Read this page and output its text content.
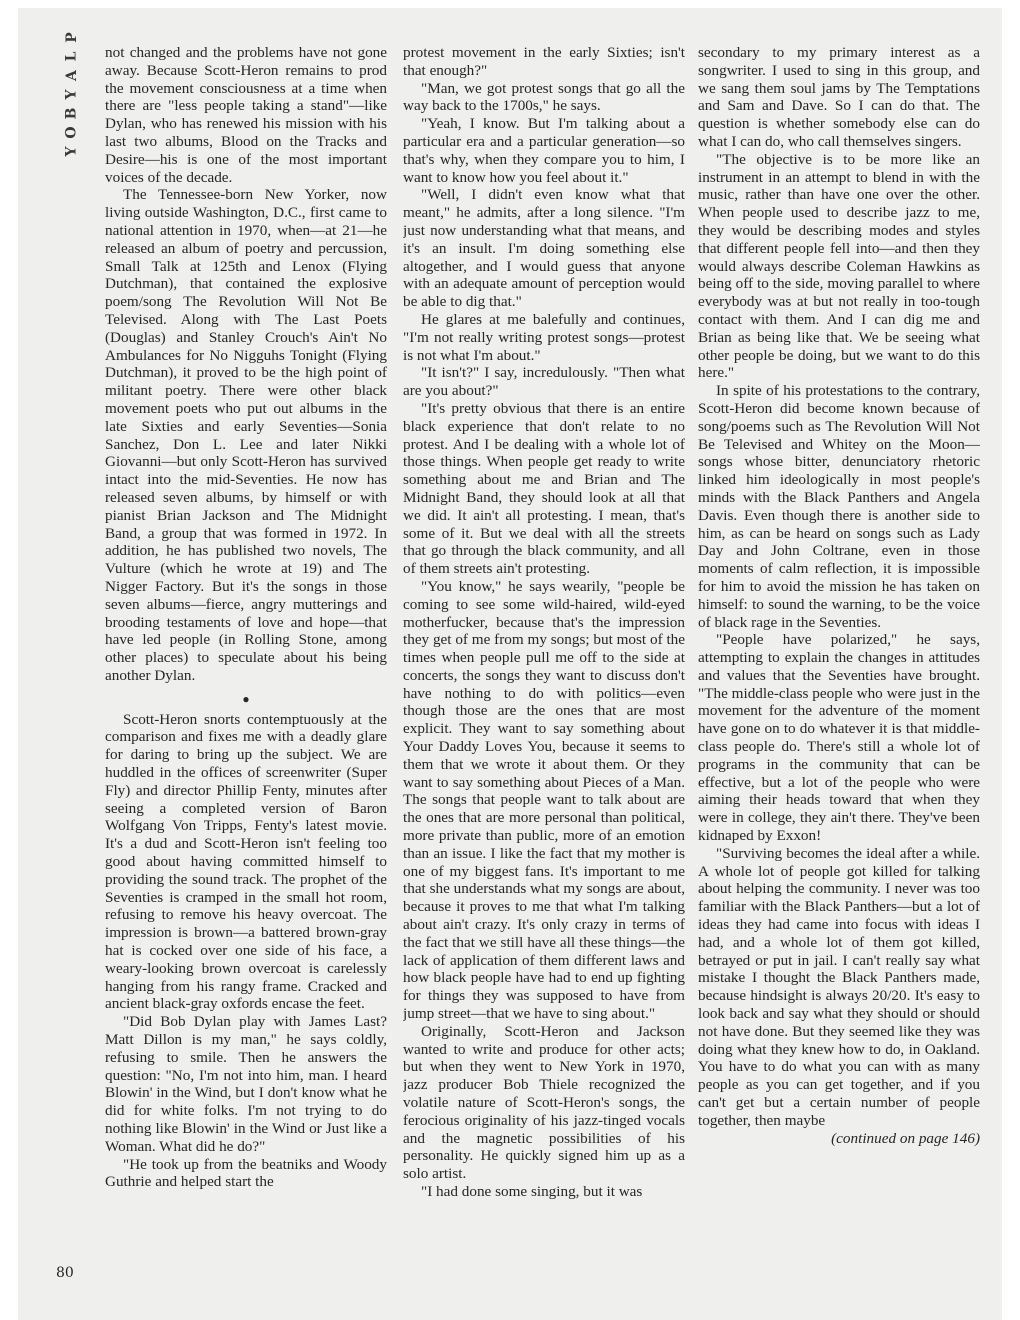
P
L
A
Y
B
O
Y
80

not changed and the problems have not gone away. Because Scott-Heron remains to prod the movement consciousness at a time when there are "less people taking a stand"—like Dylan, who has renewed his mission with his last two albums, Blood on the Tracks and Desire—his is one of the most important voices of the decade.

The Tennessee-born New Yorker, now living outside Washington, D.C., first came to national attention in 1970, when—at 21—he released an album of poetry and percussion, Small Talk at 125th and Lenox (Flying Dutchman), that contained the explosive poem/song The Revolution Will Not Be Televised. Along with The Last Poets (Douglas) and Stanley Crouch's Ain't No Ambulances for No Nigguhs Tonight (Flying Dutchman), it proved to be the high point of militant poetry. There were other black movement poets who put out albums in the late Sixties and early Seventies—Sonia Sanchez, Don L. Lee and later Nikki Giovanni—but only Scott-Heron has survived intact into the mid-Seventies. He now has released seven albums, by himself or with pianist Brian Jackson and The Midnight Band, a group that was formed in 1972. In addition, he has published two novels, The Vulture (which he wrote at 19) and The Nigger Factory. But it's the songs in those seven albums—fierce, angry mutterings and brooding testaments of love and hope—that have led people (in Rolling Stone, among other places) to speculate about his being another Dylan.

●

Scott-Heron snorts contemptuously at the comparison and fixes me with a deadly glare for daring to bring up the subject. We are huddled in the offices of screenwriter (Super Fly) and director Phillip Fenty, minutes after seeing a completed version of Baron Wolfgang Von Tripps, Fenty's latest movie. It's a dud and Scott-Heron isn't feeling too good about having committed himself to providing the sound track. The prophet of the Seventies is cramped in the small hot room, refusing to remove his heavy overcoat. The impression is brown—a battered brown-gray hat is cocked over one side of his face, a weary-looking brown overcoat is carelessly hanging from his rangy frame. Cracked and ancient black-gray oxfords encase the feet.

"Did Bob Dylan play with James Last? Matt Dillon is my man," he says coldly, refusing to smile. Then he answers the question: "No, I'm not into him, man. I heard Blowin' in the Wind, but I don't know what he did for white folks. I'm not trying to do nothing like Blowin' in the Wind or Just like a Woman. What did he do?"

"He took up from the beatniks and Woody Guthrie and helped start the

protest movement in the early Sixties; isn't that enough?"

"Man, we got protest songs that go all the way back to the 1700s," he says.

"Yeah, I know. But I'm talking about a particular era and a particular generation—so that's why, when they compare you to him, I want to know how you feel about it."

"Well, I didn't even know what that meant," he admits, after a long silence. "I'm just now understanding what that means, and it's an insult. I'm doing something else altogether, and I would guess that anyone with an adequate amount of perception would be able to dig that."

He glares at me balefully and continues, "I'm not really writing protest songs—protest is not what I'm about."

"It isn't?" I say, incredulously. "Then what are you about?"

"It's pretty obvious that there is an entire black experience that don't relate to no protest. And I be dealing with a whole lot of those things. When people get ready to write something about me and Brian and The Midnight Band, they should look at all that we did. It ain't all protesting. I mean, that's some of it. But we deal with all the streets that go through the black community, and all of them streets ain't protesting.

"You know," he says wearily, "people be coming to see some wild-haired, wild-eyed motherfucker, because that's the impression they get of me from my songs; but most of the times when people pull me off to the side at concerts, the songs they want to discuss don't have nothing to do with politics—even though those are the ones that are most explicit. They want to say something about Your Daddy Loves You, because it seems to them that we wrote it about them. Or they want to say something about Pieces of a Man. The songs that people want to talk about are the ones that are more personal than political, more private than public, more of an emotion than an issue. I like the fact that my mother is one of my biggest fans. It's important to me that she understands what my songs are about, because it proves to me that what I'm talking about ain't crazy. It's only crazy in terms of the fact that we still have all these things—the lack of application of them different laws and how black people have had to end up fighting for things they was supposed to have from jump street—that we have to sing about."

Originally, Scott-Heron and Jackson wanted to write and produce for other acts; but when they went to New York in 1970, jazz producer Bob Thiele recognized the volatile nature of Scott-Heron's songs, the ferocious originality of his jazz-tinged vocals and the magnetic possibilities of his personality. He quickly signed him up as a solo artist.

"I had done some singing, but it was

secondary to my primary interest as a songwriter. I used to sing in this group, and we sang them soul jams by The Temptations and Sam and Dave. So I can do that. The question is whether somebody else can do what I can do, who call themselves singers.

"The objective is to be more like an instrument in an attempt to blend in with the music, rather than have one over the other. When people used to describe jazz to me, they would be describing modes and styles that different people fell into—and then they would always describe Coleman Hawkins as being off to the side, moving parallel to where everybody was at but not really in too-tough contact with them. And I can dig me and Brian as being like that. We be seeing what other people be doing, but we want to do this here."

In spite of his protestations to the contrary, Scott-Heron did become known because of song/poems such as The Revolution Will Not Be Televised and Whitey on the Moon—songs whose bitter, denunciatory rhetoric linked him ideologically in most people's minds with the Black Panthers and Angela Davis. Even though there is another side to him, as can be heard on songs such as Lady Day and John Coltrane, even in those moments of calm reflection, it is impossible for him to avoid the mission he has taken on himself: to sound the warning, to be the voice of black rage in the Seventies.

"People have polarized," he says, attempting to explain the changes in attitudes and values that the Seventies have brought. "The middle-class people who were just in the movement for the adventure of the moment have gone on to do whatever it is that middle-class people do. There's still a whole lot of programs in the community that can be effective, but a lot of the people who were aiming their heads toward that when they were in college, they ain't there. They've been kidnaped by Exxon!

"Surviving becomes the ideal after a while. A whole lot of people got killed for talking about helping the community. I never was too familiar with the Black Panthers—but a lot of ideas they had came into focus with ideas I had, and a whole lot of them got killed, betrayed or put in jail. I can't really say what mistake I thought the Black Panthers made, because hindsight is always 20/20. It's easy to look back and say what they should or should not have done. But they seemed like they was doing what they knew how to do, in Oakland. You have to do what you can with as many people as you can get together, and if you can't get but a certain number of people together, then maybe

(continued on page 146)
